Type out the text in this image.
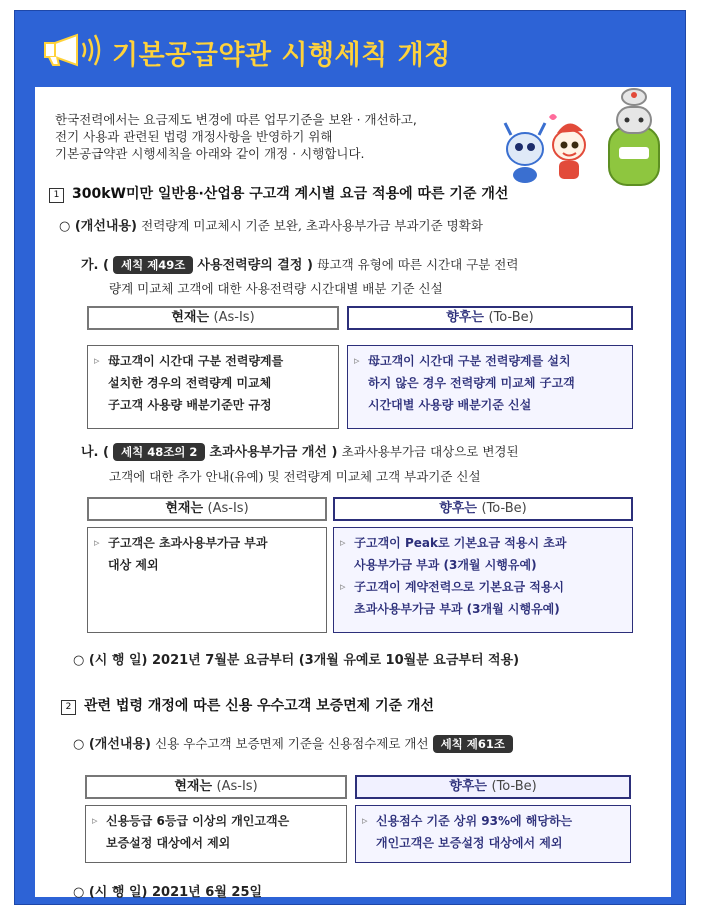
기본공급약관 시행세칙 개정
한국전력에서는 요금제도 변경에 따른 업무기준을 보완 · 개선하고,
전기 사용과 관련된 법령 개정사항을 반영하기 위해
기본공급약관 시행세칙을 아래와 같이 개정 · 시행합니다.
1 300kW미만 일반용·산업용 구고객 계시별 요금 적용에 따른 기준 개선
○ (개선내용) 전력량계 미교체시 기준 보완, 초과사용부가금 부과기준 명확화
가. ( 세칙 제49조 사용전력량의 결정 ) 母고객 유형에 따른 시간대 구분 전력
량계 미교체 고객에 대한 사용전력량 시간대별 배분 기준 신설
현재는 (As-Is)	향후는 (To-Be)
▹ 母고객이 시간대 구분 전력량계를
설치한 경우의 전력량계 미교체
子고객 사용량 배분기준만 규정
▹ 母고객이 시간대 구분 전력량계를 설치
하지 않은 경우 전력량계 미교체 子고객
시간대별 사용량 배분기준 신설
나. ( 세칙 48조의 2 초과사용부가금 개선 ) 초과사용부가금 대상으로 변경된
고객에 대한 추가 안내(유예) 및 전력량계 미교체 고객 부과기준 신설
현재는 (As-Is)	향후는 (To-Be)
▹ 子고객은 초과사용부가금 부과
대상 제외
▹ 子고객이 Peak로 기본요금 적용시 초과
사용부가금 부과 (3개월 시행유예)
▹ 子고객이 계약전력으로 기본요금 적용시
초과사용부가금 부과 (3개월 시행유예)
○ (시 행 일) 2021년 7월분 요금부터 (3개월 유예로 10월분 요금부터 적용)
2 관련 법령 개정에 따른 신용 우수고객 보증면제 기준 개선
○ (개선내용) 신용 우수고객 보증면제 기준을 신용점수제로 개선 세칙 제61조
현재는 (As-Is)	향후는 (To-Be)
▹ 신용등급 6등급 이상의 개인고객은
보증설정 대상에서 제외
▹ 신용점수 기준 상위 93%에 해당하는
개인고객은 보증설정 대상에서 제외
○ (시 행 일) 2021년 6월 25일
